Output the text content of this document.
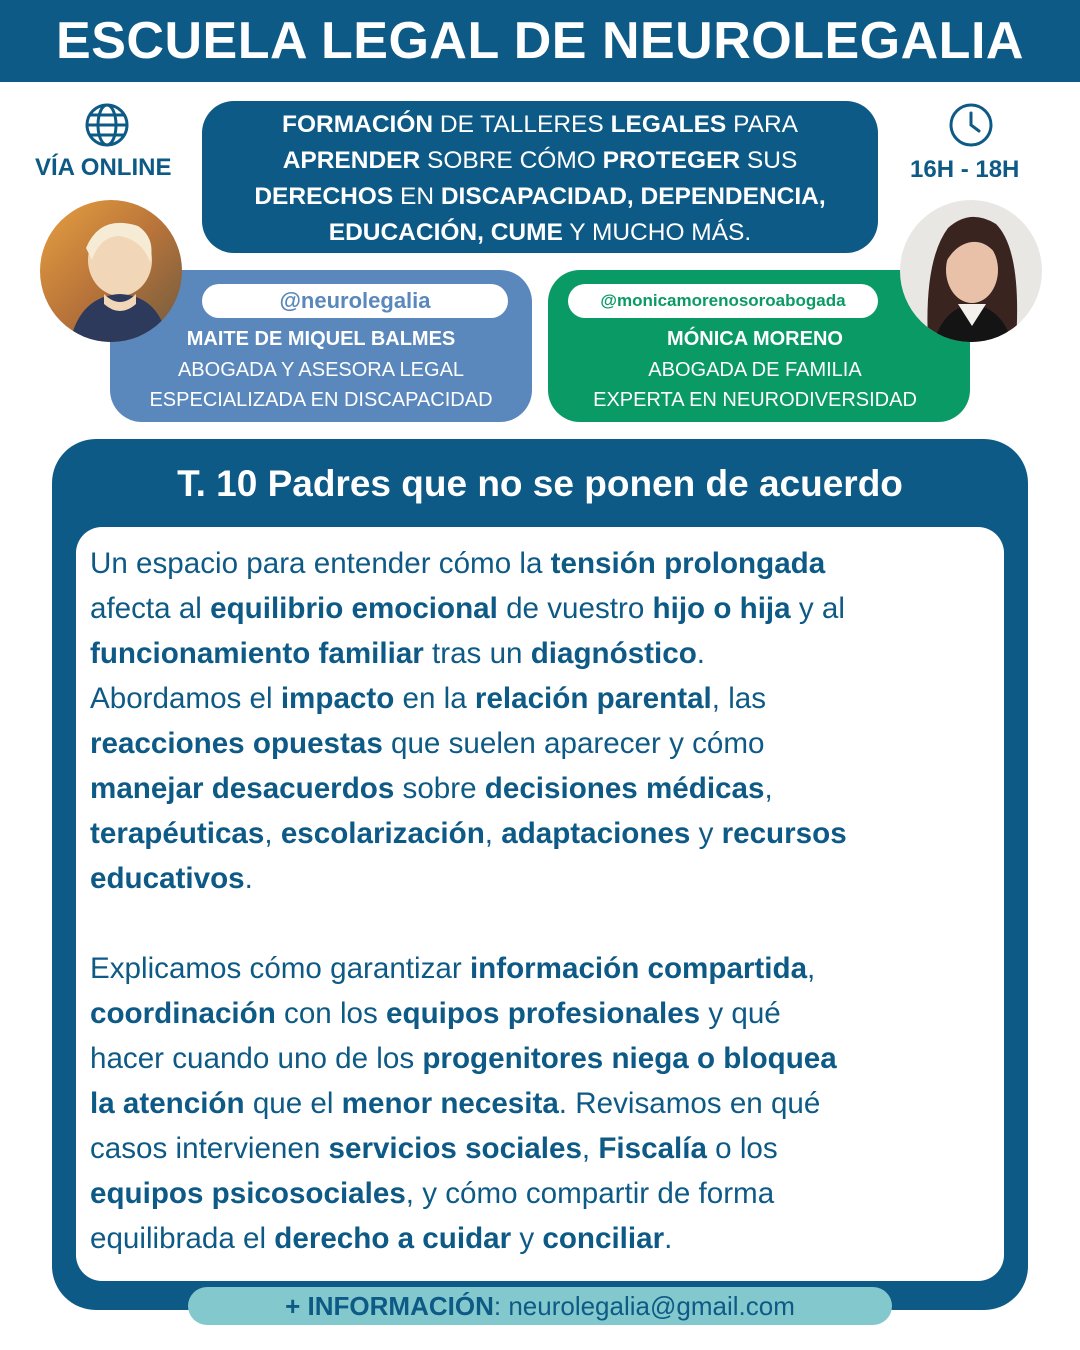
ESCUELA LEGAL DE NEUROLEGALIA
VÍA ONLINE	16H - 18H
FORMACIÓN DE TALLERES LEGALES PARA
APRENDER SOBRE CÓMO PROTEGER SUS
DERECHOS EN DISCAPACIDAD, DEPENDENCIA,
EDUCACIÓN, CUME Y MUCHO MÁS.
@neurolegalia
MAITE DE MIQUEL BALMES
ABOGADA Y ASESORA LEGAL
ESPECIALIZADA EN DISCAPACIDAD
@monicamorenosoroabogada
MÓNICA MORENO
ABOGADA DE FAMILIA
EXPERTA EN NEURODIVERSIDAD
T. 10 Padres que no se ponen de acuerdo
Un espacio para entender cómo la tensión prolongada
afecta al equilibrio emocional de vuestro hijo o hija y al
funcionamiento familiar tras un diagnóstico.
Abordamos el impacto en la relación parental, las
reacciones opuestas que suelen aparecer y cómo
manejar desacuerdos sobre decisiones médicas,
terapéuticas, escolarización, adaptaciones y recursos
educativos.
Explicamos cómo garantizar información compartida,
coordinación con los equipos profesionales y qué
hacer cuando uno de los progenitores niega o bloquea
la atención que el menor necesita. Revisamos en qué
casos intervienen servicios sociales, Fiscalía o los
equipos psicosociales, y cómo compartir de forma
equilibrada el derecho a cuidar y conciliar.
+ INFORMACIÓN: neurolegalia@gmail.com
